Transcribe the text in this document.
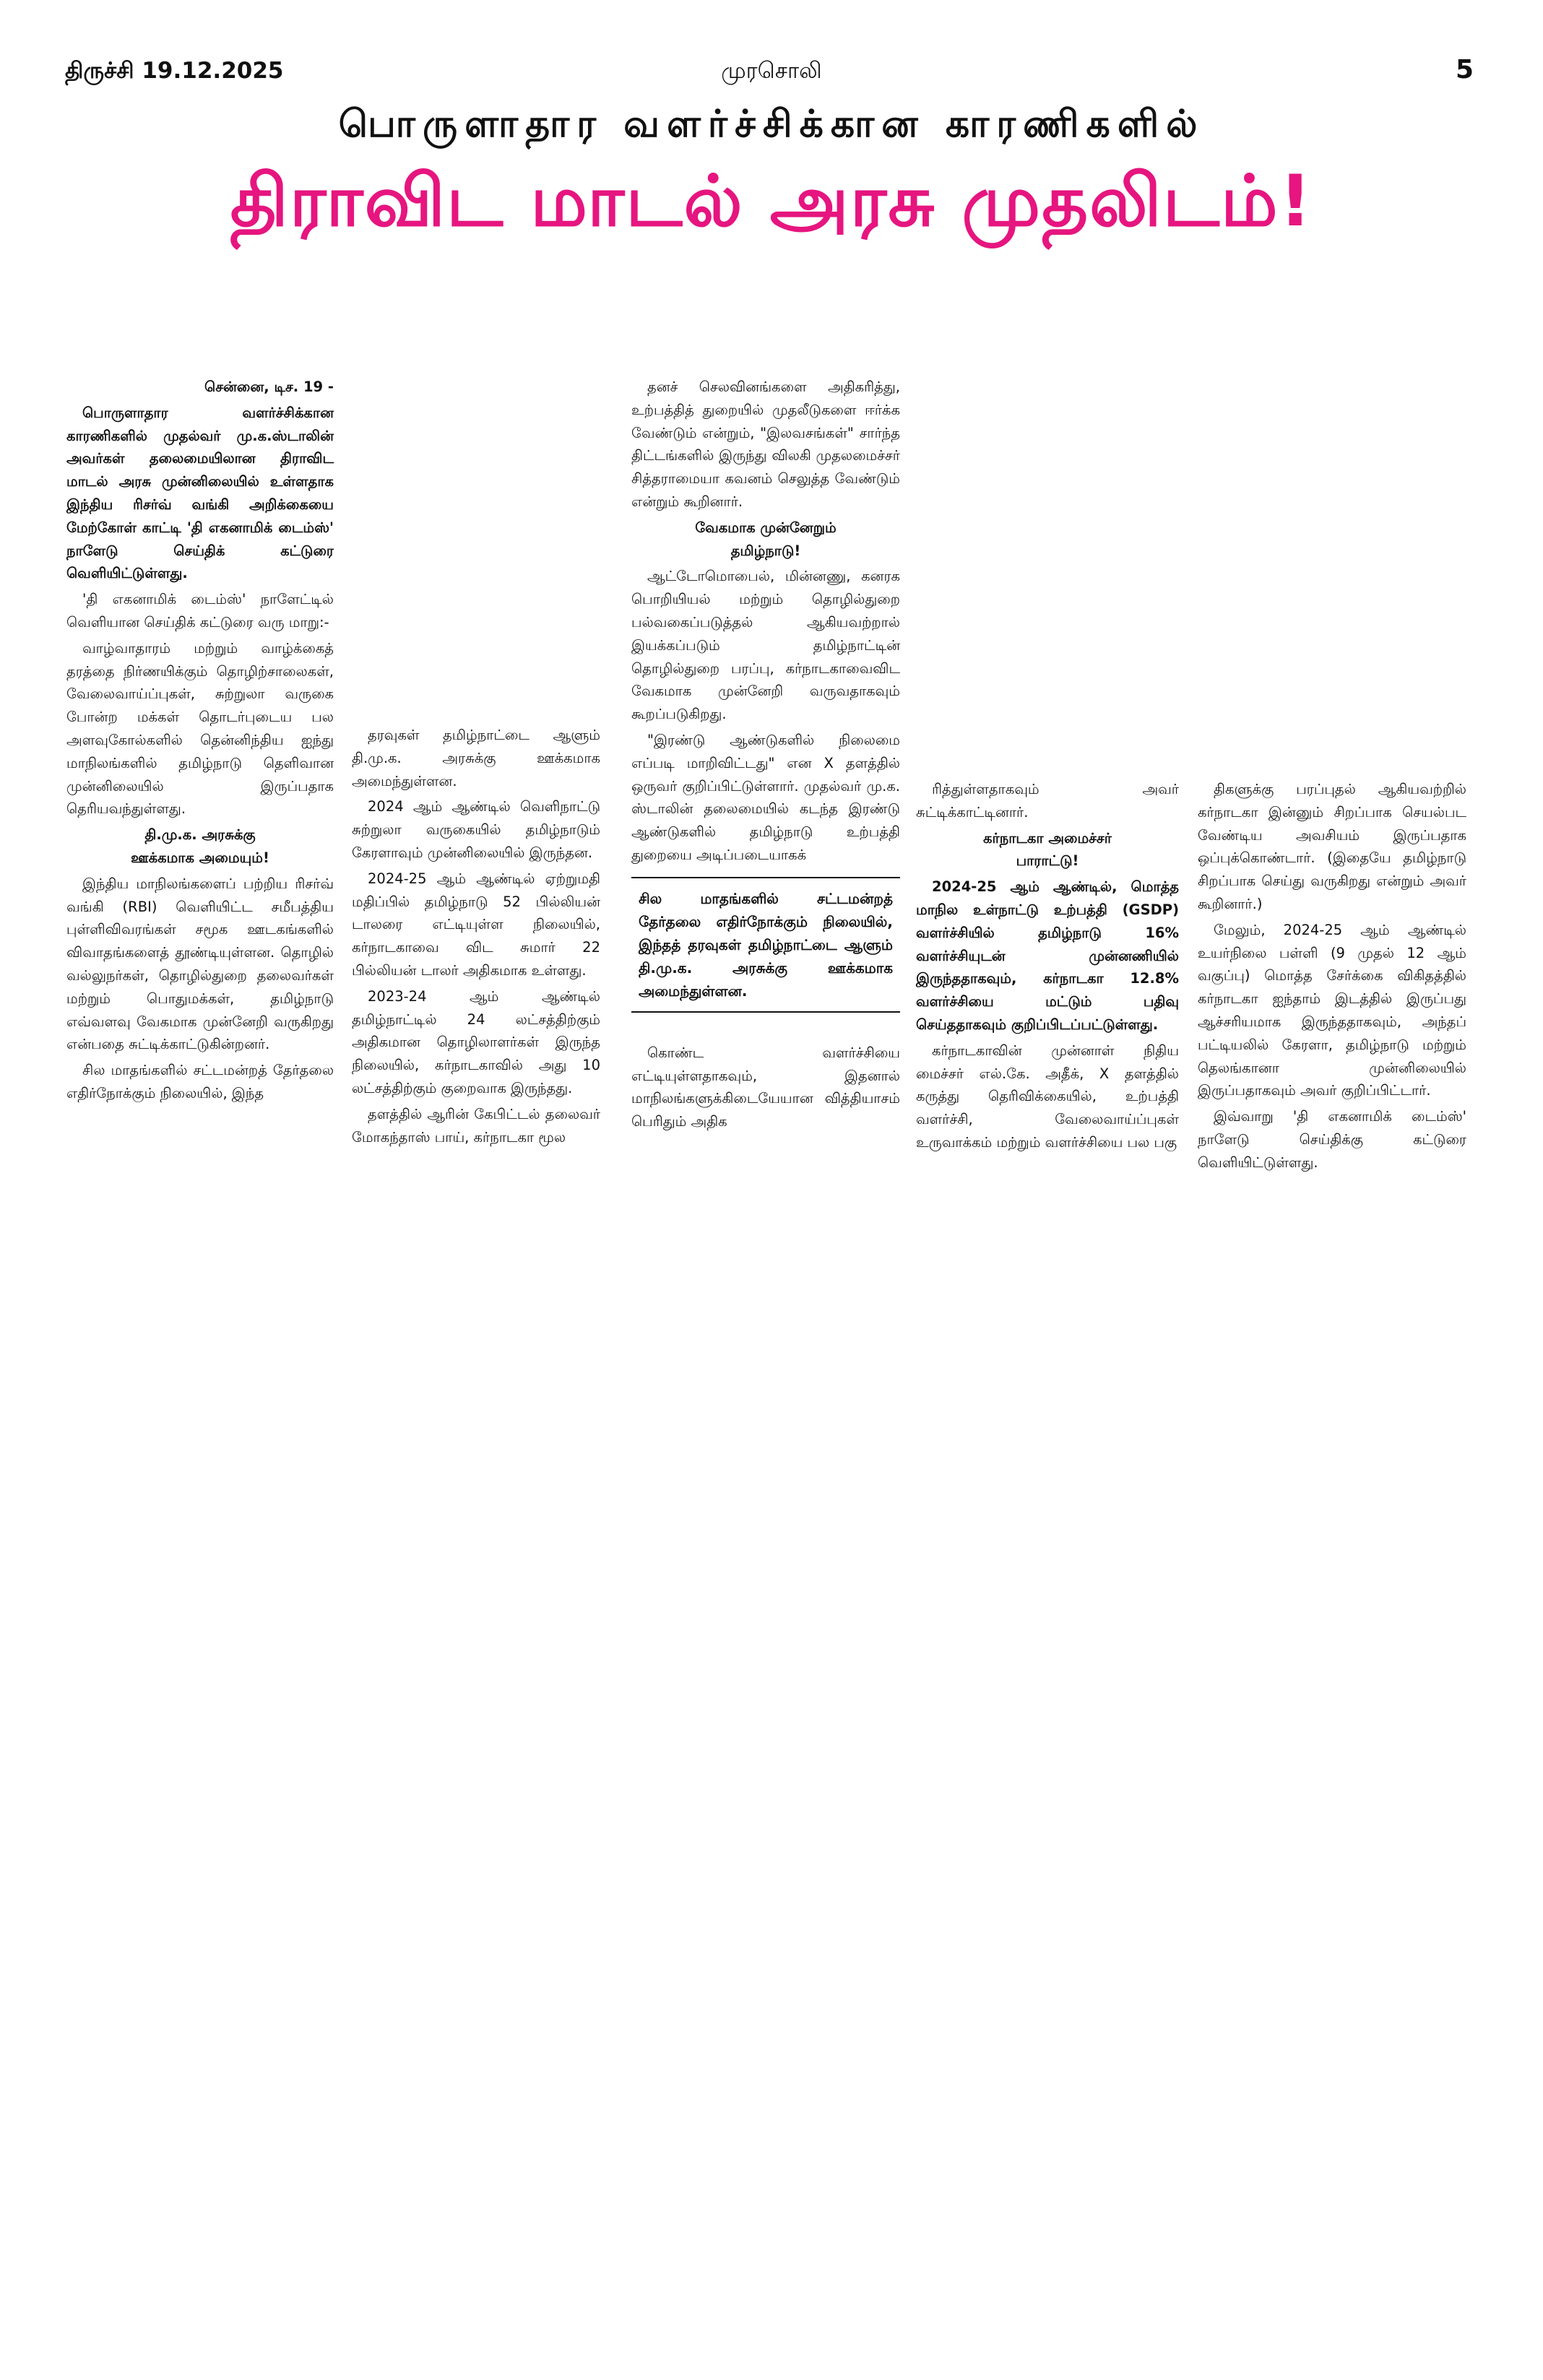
திருச்சி 19.12.2025	முரசொலி	5
பொருளாதார வளர்ச்சிக்கான காரணிகளில்
திராவிட மாடல் அரசு முதலிடம்!

சென்னை, டிச. 19 -

பொருளாதார வளர்ச்சிக்கான காரணிகளில் முதல்வர் மு.க.ஸ்டாலின் அவர்கள் தலைமையிலான திராவிட மாடல் அரசு முன்னிலையில் உள்ளதாக இந்திய ரிசர்வ் வங்கி அறிக்கையை மேற்கோள் காட்டி 'தி எகனாமிக் டைம்ஸ்' நாளேடு செய்திக் கட்டுரை வெளியிட்டுள்ளது.

'தி எகனாமிக் டைம்ஸ்' நாளேட்டில் வெளியான செய்திக் கட்டுரை வரு மாறு:-

வாழ்வாதாரம் மற்றும் வாழ்க்கைத் தரத்தை நிர்ணயிக்கும் தொழிற்சாலைகள், வேலைவாய்ப்புகள், சுற்றுலா வருகை போன்ற மக்கள் தொடர்புடைய பல அளவுகோல்களில் தென்னிந்திய ஐந்து மாநிலங்களில் தமிழ்நாடு தெளிவான முன்னிலையில் இருப்பதாக தெரியவந்துள்ளது.

தி.மு.க. அரசுக்கு
ஊக்கமாக அமையும்!

இந்திய மாநிலங்களைப் பற்றிய ரிசர்வ் வங்கி (RBI) வெளியிட்ட சமீபத்திய புள்ளிவிவரங்கள் சமூக ஊடகங்களில் விவாதங்களைத் தூண்டியுள்ளன. தொழில் வல்லுநர்கள், தொழில்துறை தலைவர்கள் மற்றும் பொதுமக்கள், தமிழ்நாடு எவ்வளவு வேகமாக முன்னேறி வருகிறது என்பதை சுட்டிக்காட்டுகின்றனர்.

சில மாதங்களில் சட்டமன்றத் தேர்தலை எதிர்நோக்கும் நிலையில், இந்த

தரவுகள் தமிழ்நாட்டை ஆளும் தி.மு.க. அரசுக்கு ஊக்கமாக அமைந்துள்ளன.

2024 ஆம் ஆண்டில் வெளிநாட்டு சுற்றுலா வருகையில் தமிழ்நாடும் கேரளாவும் முன்னிலையில் இருந்தன.

2024-25 ஆம் ஆண்டில் ஏற்றுமதி மதிப்பில் தமிழ்நாடு 52 பில்லியன் டாலரை எட்டியுள்ள நிலையில், கர்நாடகாவை விட சுமார் 22 பில்லியன் டாலர் அதிகமாக உள்ளது.

2023-24 ஆம் ஆண்டில் தமிழ்நாட்டில் 24 லட்சத்திற்கும் அதிகமான தொழிலாளர்கள் இருந்த நிலையில், கர்நாடகாவில் அது 10 லட்சத்திற்கும் குறைவாக இருந்தது.

தளத்தில் ஆரின் கேபிட்டல் தலைவர் மோகந்தாஸ் பாய், கர்நாடகா மூல

தனச் செலவினங்களை அதிகரித்து, உற்பத்தித் துறையில் முதலீடுகளை ஈர்க்க வேண்டும் என்றும், "இலவசங்கள்" சார்ந்த திட்டங்களில் இருந்து விலகி முதலமைச்சர் சித்தராமையா கவனம் செலுத்த வேண்டும் என்றும் கூறினார்.

வேகமாக முன்னேறும்
தமிழ்நாடு!

ஆட்டோமொபைல், மின்னணு, கனரக பொறியியல் மற்றும் தொழில்துறை பல்வகைப்படுத்தல் ஆகியவற்றால் இயக்கப்படும் தமிழ்நாட்டின் தொழில்துறை பரப்பு, கர்நாடகாவைவிட வேகமாக முன்னேறி வருவதாகவும் கூறப்படுகிறது.

"இரண்டு ஆண்டுகளில் நிலைமை எப்படி மாறிவிட்டது" என X தளத்தில் ஒருவர் குறிப்பிட்டுள்ளார். முதல்வர் மு.க. ஸ்டாலின் தலைமையில் கடந்த இரண்டு ஆண்டுகளில் தமிழ்நாடு உற்பத்தி துறையை அடிப்படையாகக்

சில மாதங்களில் சட்டமன்றத் தேர்தலை எதிர்நோக்கும் நிலையில், இந்தத் தரவுகள் தமிழ்நாட்டை ஆளும் தி.மு.க. அரசுக்கு ஊக்கமாக அமைந்துள்ளன.

கொண்ட வளர்ச்சியை எட்டியுள்ளதாகவும், இதனால் மாநிலங்களுக்கிடையேயான வித்தியாசம் பெரிதும் அதிக

ரித்துள்ளதாகவும் அவர் சுட்டிக்காட்டினார்.

கர்நாடகா அமைச்சர்
பாராட்டு!

2024-25 ஆம் ஆண்டில், மொத்த மாநில உள்நாட்டு உற்பத்தி (GSDP) வளர்ச்சியில் தமிழ்நாடு 16% வளர்ச்சியுடன் முன்னணியில் இருந்ததாகவும், கர்நாடகா 12.8% வளர்ச்சியை மட்டும் பதிவு செய்ததாகவும் குறிப்பிடப்பட்டுள்ளது.

கர்நாடகாவின் முன்னாள் நிதிய மைச்சர் எல்.கே. அதீக், X தளத்தில் கருத்து தெரிவிக்கையில், உற்பத்தி வளர்ச்சி, வேலைவாய்ப்புகள் உருவாக்கம் மற்றும் வளர்ச்சியை பல பகு

திகளுக்கு பரப்புதல் ஆகியவற்றில் கர்நாடகா இன்னும் சிறப்பாக செயல்பட வேண்டிய அவசியம் இருப்பதாக ஒப்புக்கொண்டார். (இதையே தமிழ்நாடு சிறப்பாக செய்து வருகிறது என்றும் அவர் கூறினார்.)

மேலும், 2024-25 ஆம் ஆண்டில் உயர்நிலை பள்ளி (9 முதல் 12 ஆம் வகுப்பு) மொத்த சேர்க்கை விகிதத்தில் கர்நாடகா ஐந்தாம் இடத்தில் இருப்பது ஆச்சரியமாக இருந்ததாகவும், அந்தப் பட்டியலில் கேரளா, தமிழ்நாடு மற்றும் தெலங்கானா முன்னிலையில் இருப்பதாகவும் அவர் குறிப்பிட்டார்.

இவ்வாறு 'தி எகனாமிக் டைம்ஸ்' நாளேடு செய்திக்கு கட்டுரை வெளியிட்டுள்ளது.
